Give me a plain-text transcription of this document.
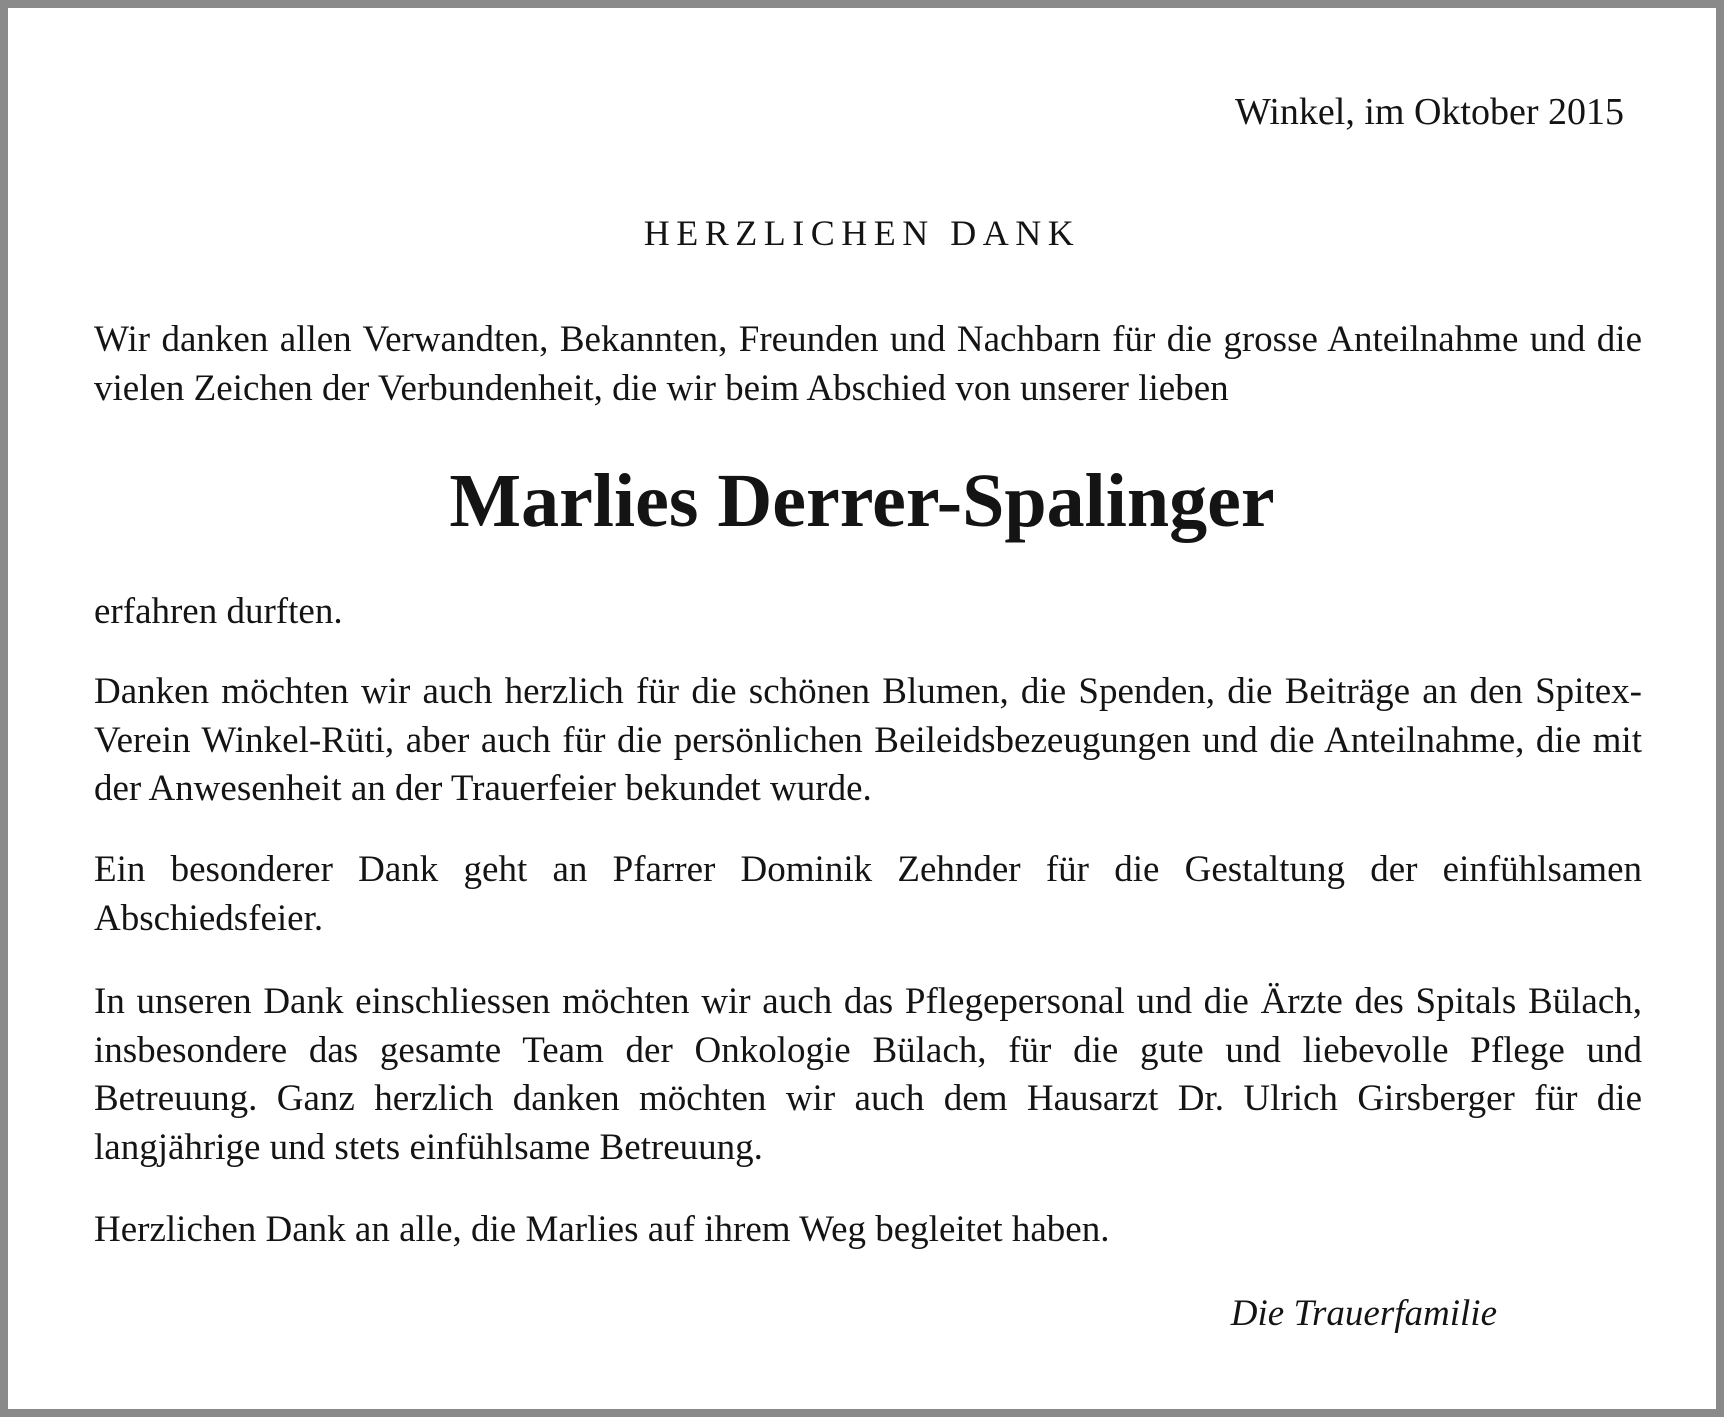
Winkel, im Oktober 2015
HERZLICHEN DANK

Wir danken allen Verwandten, Bekannten, Freunden und Nachbarn für die grosse Anteilnahme und die vielen Zeichen der Verbundenheit, die wir beim Abschied von unserer lieben

Marlies Derrer-Spalinger

erfahren durften.

Danken möchten wir auch herzlich für die schönen Blumen, die Spenden, die Beiträge an den Spitex-Verein Winkel-Rüti, aber auch für die persönlichen Beileidsbezeugungen und die Anteilnahme, die mit der Anwesenheit an der Trauerfeier bekundet wurde.

Ein besonderer Dank geht an Pfarrer Dominik Zehnder für die Gestaltung der einfühlsamen Abschiedsfeier.

In unseren Dank einschliessen möchten wir auch das Pflegepersonal und die Ärzte des Spitals Bülach, insbesondere das gesamte Team der Onkologie Bülach, für die gute und liebevolle Pflege und Betreuung. Ganz herzlich danken möchten wir auch dem Hausarzt Dr. Ulrich Girsberger für die langjährige und stets einfühlsame Betreuung.

Herzlichen Dank an alle, die Marlies auf ihrem Weg begleitet haben.

Die Trauerfamilie
